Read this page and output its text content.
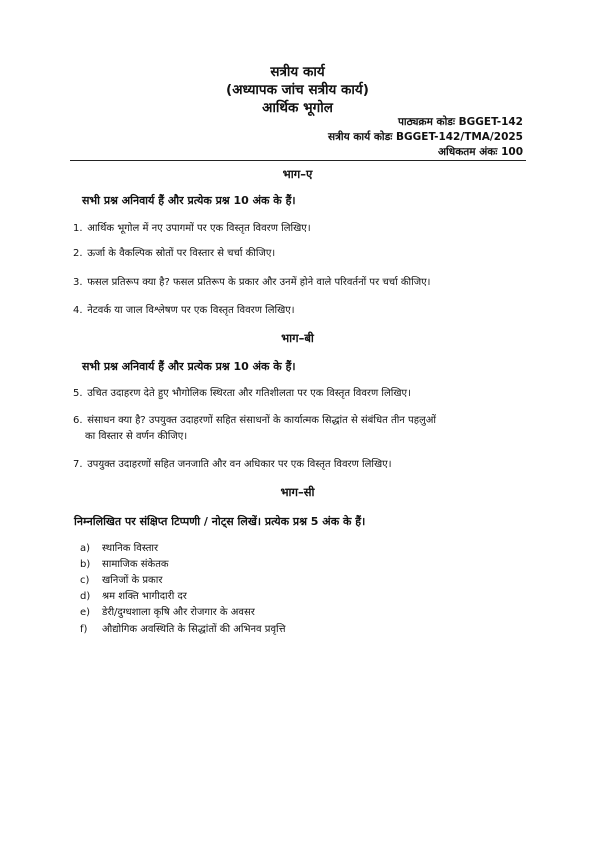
सत्रीय कार्य
(अध्यापक जांच सत्रीय कार्य)
आर्थिक भूगोल
पाठ्यक्रम कोडः BGGET-142
सत्रीय कार्य कोडः BGGET-142/TMA/2025
अधिकतम अंकः 100
भाग–ए
सभी प्रश्न अनिवार्य हैं और प्रत्येक प्रश्न 10 अंक के हैं।
1. आर्थिक भूगोल में नए उपागमों पर एक विस्तृत विवरण लिखिए।
2. ऊर्जा के वैकल्पिक स्रोतों पर विस्तार से चर्चा कीजिए।
3. फसल प्रतिरूप क्या है? फसल प्रतिरूप के प्रकार और उनमें होने वाले परिवर्तनों पर चर्चा कीजिए।
4. नेटवर्क या जाल विश्लेषण पर एक विस्तृत विवरण लिखिए।
भाग–बी
सभी प्रश्न अनिवार्य हैं और प्रत्येक प्रश्न 10 अंक के हैं।
5. उचित उदाहरण देते हुए भौगोलिक स्थिरता और गतिशीलता पर एक विस्तृत विवरण लिखिए।
6. संसाधन क्या है? उपयुक्त उदाहरणों सहित संसाधनों के कार्यात्मक सिद्धांत से संबंधित तीन पहलुओं
का विस्तार से वर्णन कीजिए।
7. उपयुक्त उदाहरणों सहित जनजाति और वन अधिकार पर एक विस्तृत विवरण लिखिए।
भाग–सी
निम्नलिखित पर संक्षिप्त टिप्पणी / नोट्स लिखें। प्रत्येक प्रश्न 5 अंक के हैं।
a) स्थानिक विस्तार
b) सामाजिक संकेतक
c) खनिजों के प्रकार
d) श्रम शक्ति भागीदारी दर
e) डेरी/दुग्धशाला कृषि और रोजगार के अवसर
f) औद्योगिक अवस्थिति के सिद्धांतों की अभिनव प्रवृत्ति
